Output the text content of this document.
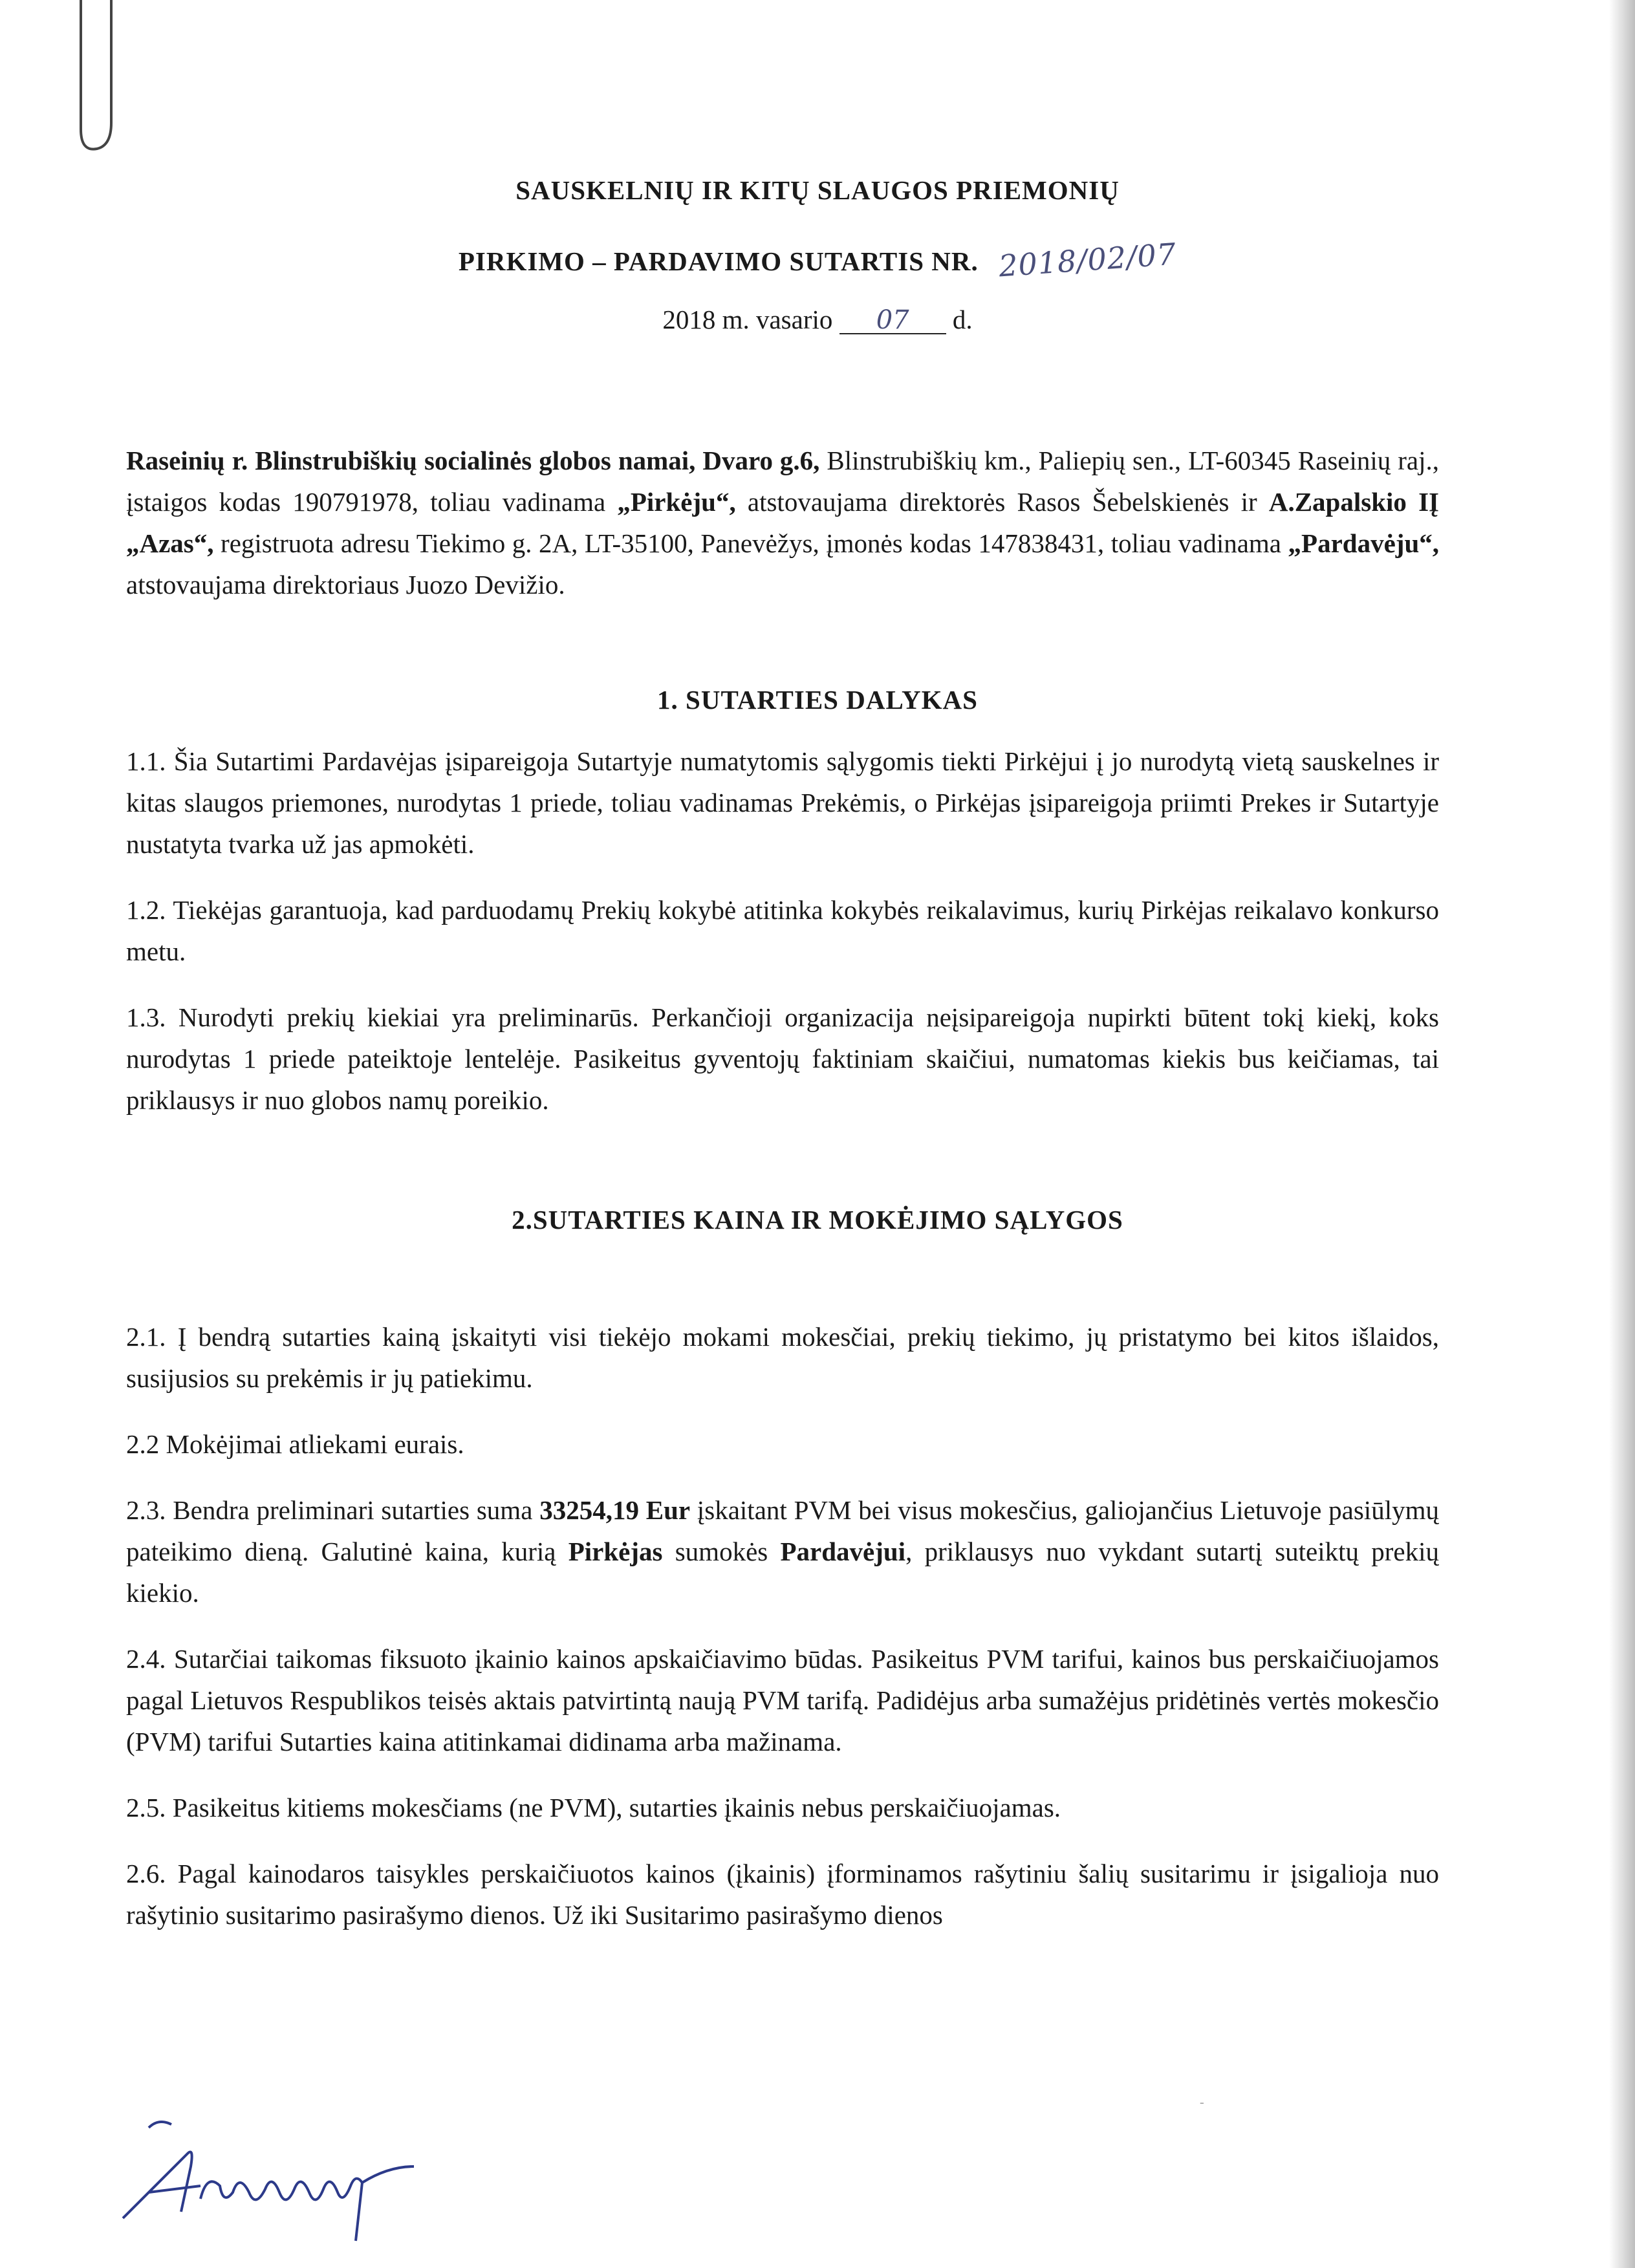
SAUSKELNIŲ IR KITŲ SLAUGOS PRIEMONIŲ
PIRKIMO – PARDAVIMO SUTARTIS NR. 2018/02/07
2018 m. vasario 07 d.

Raseinių r. Blinstrubiškių socialinės globos namai, Dvaro g.6, Blinstrubiškių km., Paliepių sen., LT-60345 Raseinių raj., įstaigos kodas 190791978, toliau vadinama „Pirkėju“, atstovaujama direktorės Rasos Šebelskienės ir A.Zapalskio IĮ „Azas“, registruota adresu Tiekimo g. 2A, LT-35100, Panevėžys, įmonės kodas 147838431, toliau vadinama „Pardavėju“, atstovaujama direktoriaus Juozo Devižio.

1. SUTARTIES DALYKAS

1.1. Šia Sutartimi Pardavėjas įsipareigoja Sutartyje numatytomis sąlygomis tiekti Pirkėjui į jo nurodytą vietą sauskelnes ir kitas slaugos priemones, nurodytas 1 priede, toliau vadinamas Prekėmis, o Pirkėjas įsipareigoja priimti Prekes ir Sutartyje nustatyta tvarka už jas apmokėti.

1.2. Tiekėjas garantuoja, kad parduodamų Prekių kokybė atitinka kokybės reikalavimus, kurių Pirkėjas reikalavo konkurso metu.

1.3. Nurodyti prekių kiekiai yra preliminarūs. Perkančioji organizacija neįsipareigoja nupirkti būtent tokį kiekį, koks nurodytas 1 priede pateiktoje lentelėje. Pasikeitus gyventojų faktiniam skaičiui, numatomas kiekis bus keičiamas, tai priklausys ir nuo globos namų poreikio.

2.SUTARTIES KAINA IR MOKĖJIMO SĄLYGOS

2.1. Į bendrą sutarties kainą įskaityti visi tiekėjo mokami mokesčiai, prekių tiekimo, jų pristatymo bei kitos išlaidos, susijusios su prekėmis ir jų patiekimu.

2.2 Mokėjimai atliekami eurais.

2.3. Bendra preliminari sutarties suma 33254,19 Eur įskaitant PVM bei visus mokesčius, galiojančius Lietuvoje pasiūlymų pateikimo dieną. Galutinė kaina, kurią Pirkėjas sumokės Pardavėjui, priklausys nuo vykdant sutartį suteiktų prekių kiekio.

2.4. Sutarčiai taikomas fiksuoto įkainio kainos apskaičiavimo būdas. Pasikeitus PVM tarifui, kainos bus perskaičiuojamos pagal Lietuvos Respublikos teisės aktais patvirtintą naują PVM tarifą. Padidėjus arba sumažėjus pridėtinės vertės mokesčio (PVM) tarifui Sutarties kaina atitinkamai didinama arba mažinama.

2.5. Pasikeitus kitiems mokesčiams (ne PVM), sutarties įkainis nebus perskaičiuojamas.

2.6. Pagal kainodaros taisykles perskaičiuotos kainos (įkainis) įforminamos rašytiniu šalių susitarimu ir įsigalioja nuo rašytinio susitarimo pasirašymo dienos. Už iki Susitarimo pasirašymo dienos

-
